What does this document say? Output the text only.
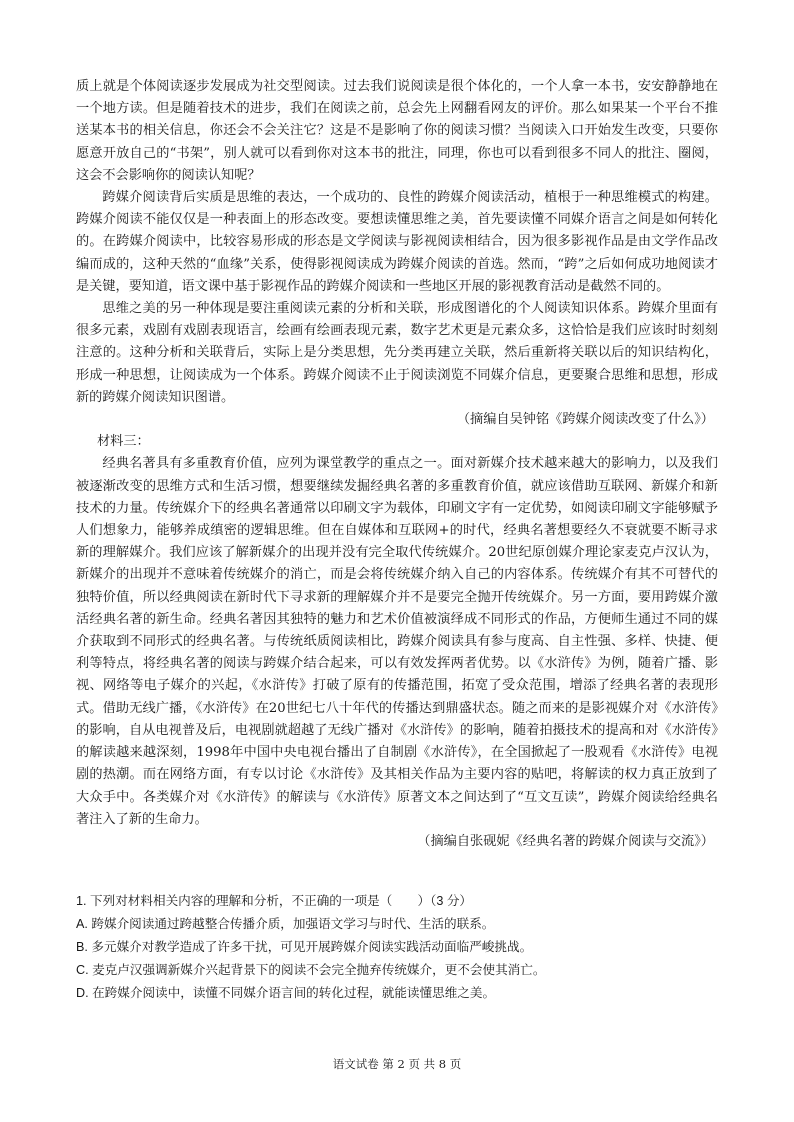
质上就是个体阅读逐步发展成为社交型阅读。过去我们说阅读是很个体化的，一个人拿一本书，安安静静地在一个地方读。但是随着技术的进步，我们在阅读之前，总会先上网翻看网友的评价。那么如果某一个平台不推送某本书的相关信息，你还会不会关注它？这是不是影响了你的阅读习惯？当阅读入口开始发生改变，只要你愿意开放自己的“书架”，别人就可以看到你对这本书的批注，同理，你也可以看到很多不同人的批注、圈阅，这会不会影响你的阅读认知呢？

跨媒介阅读背后实质是思维的表达，一个成功的、良性的跨媒介阅读活动，植根于一种思维模式的构建。跨媒介阅读不能仅仅是一种表面上的形态改变。要想读懂思维之美，首先要读懂不同媒介语言之间是如何转化的。在跨媒介阅读中，比较容易形成的形态是文学阅读与影视阅读相结合，因为很多影视作品是由文学作品改编而成的，这种天然的“血缘”关系，使得影视阅读成为跨媒介阅读的首选。然而，“跨”之后如何成功地阅读才是关键，要知道，语文课中基于影视作品的跨媒介阅读和一些地区开展的影视教育活动是截然不同的。

思维之美的另一种体现是要注重阅读元素的分析和关联，形成图谱化的个人阅读知识体系。跨媒介里面有很多元素，戏剧有戏剧表现语言，绘画有绘画表现元素，数字艺术更是元素众多，这恰恰是我们应该时时刻刻注意的。这种分析和关联背后，实际上是分类思想，先分类再建立关联，然后重新将关联以后的知识结构化，形成一种思想，让阅读成为一个体系。跨媒介阅读不止于阅读浏览不同媒介信息，更要聚合思维和思想，形成新的跨媒介阅读知识图谱。

（摘编自吴钟铭《跨媒介阅读改变了什么》）

材料三：

经典名著具有多重教育价值，应列为课堂教学的重点之一。面对新媒介技术越来越大的影响力，以及我们被逐渐改变的思维方式和生活习惯，想要继续发掘经典名著的多重教育价值，就应该借助互联网、新媒介和新技术的力量。传统媒介下的经典名著通常以印刷文字为载体，印刷文字有一定优势，如阅读印刷文字能够赋予人们想象力，能够养成缜密的逻辑思维。但在自媒体和互联网+的时代，经典名著想要经久不衰就要不断寻求新的理解媒介。我们应该了解新媒介的出现并没有完全取代传统媒介。20世纪原创媒介理论家麦克卢汉认为，新媒介的出现并不意味着传统媒介的消亡，而是会将传统媒介纳入自己的内容体系。传统媒介有其不可替代的独特价值，所以经典阅读在新时代下寻求新的理解媒介并不是要完全抛开传统媒介。另一方面，要用跨媒介激活经典名著的新生命。经典名著因其独特的魅力和艺术价值被演绎成不同形式的作品，方便师生通过不同的媒介获取到不同形式的经典名著。与传统纸质阅读相比，跨媒介阅读具有参与度高、自主性强、多样、快捷、便利等特点，将经典名著的阅读与跨媒介结合起来，可以有效发挥两者优势。以《水浒传》为例，随着广播、影视、网络等电子媒介的兴起，《水浒传》打破了原有的传播范围，拓宽了受众范围，增添了经典名著的表现形式。借助无线广播，《水浒传》在20世纪七八十年代的传播达到鼎盛状态。随之而来的是影视媒介对《水浒传》的影响，自从电视普及后，电视剧就超越了无线广播对《水浒传》的影响，随着拍摄技术的提高和对《水浒传》的解读越来越深刻，1998年中国中央电视台播出了自制剧《水浒传》，在全国掀起了一股观看《水浒传》电视剧的热潮。而在网络方面，有专以讨论《水浒传》及其相关作品为主要内容的贴吧，将解读的权力真正放到了大众手中。各类媒介对《水浒传》的解读与《水浒传》原著文本之间达到了“互文互读”，跨媒介阅读给经典名著注入了新的生命力。

（摘编自张砚妮《经典名著的跨媒介阅读与交流》）

1. 下列对材料相关内容的理解和分析，不正确的一项是（　　）（3 分）
A. 跨媒介阅读通过跨越整合传播介质，加强语文学习与时代、生活的联系。
B. 多元媒介对教学造成了许多干扰，可见开展跨媒介阅读实践活动面临严峻挑战。
C. 麦克卢汉强调新媒介兴起背景下的阅读不会完全抛弃传统媒介，更不会使其消亡。
D. 在跨媒介阅读中，读懂不同媒介语言间的转化过程，就能读懂思维之美。
语文试卷 第 2 页 共 8 页
